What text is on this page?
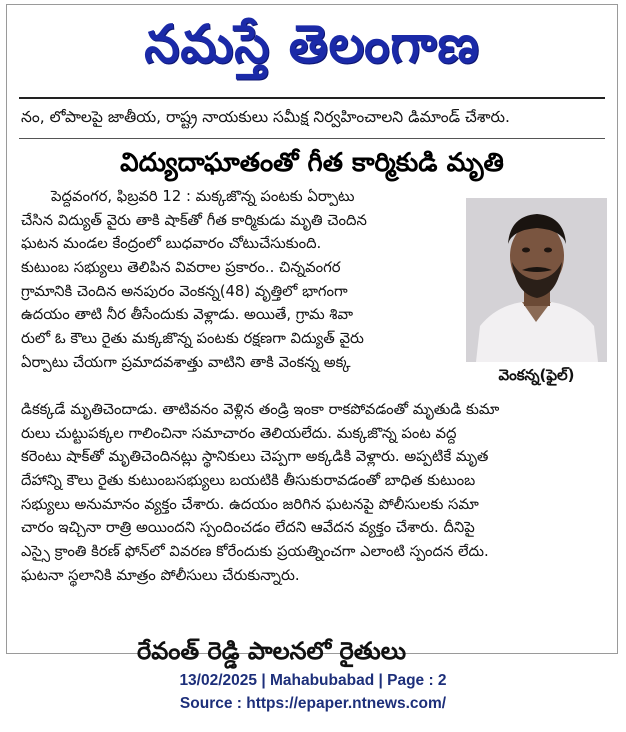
నమస్తే తెలంగాణ
నం, లోపాలపై జాతీయ, రాష్ట్ర నాయకులు సమీక్ష నిర్వహించాలని డిమాండ్ చేశారు.
విద్యుదాఘాతంతో గీత కార్మికుడి మృతి
పెద్దవంగర, ఫిబ్రవరి 12 : మక్కజొన్న పంటకు ఏర్పాటు
చేసిన విద్యుత్ వైరు తాకి షాక్‌తో గీత కార్మికుడు మృతి చెందిన
ఘటన మండల కేంద్రంలో బుధవారం చోటుచేసుకుంది.
కుటుంబ సభ్యులు తెలిపిన వివరాల ప్రకారం.. చిన్నవంగర
గ్రామానికి చెందిన అనపురం వెంకన్న(48) వృత్తిలో భాగంగా
ఉదయం తాటి నీర తీసేందుకు వెళ్లాడు. అయితే, గ్రామ శివా
రులో ఓ కౌలు రైతు మక్కజొన్న పంటకు రక్షణగా విద్యుత్ వైరు
ఏర్పాటు చేయగా ప్రమాదవశాత్తు వాటిని తాకి వెంకన్న అక్క
వెంకన్న(ఫైల్)
డికక్కడే మృతిచెందాడు. తాటివనం వెళ్లిన తండ్రి ఇంకా రాకపోవడంతో మృతుడి కుమా
రులు చుట్టుపక్కల గాలించినా సమాచారం తెలియలేదు. మక్కజొన్న పంట వద్ద
కరెంటు షాక్‌తో మృతిచెందినట్లు స్థానికులు చెప్పగా అక్కడికి వెళ్లారు. అప్పటికే మృత
దేహాన్ని కౌలు రైతు కుటుంబసభ్యులు బయటికి తీసుకురావడంతో బాధిత కుటుంబ
సభ్యులు అనుమానం వ్యక్తం చేశారు. ఉదయం జరిగిన ఘటనపై పోలీసులకు సమా
చారం ఇచ్చినా రాత్రి అయిందని స్పందించడం లేదని ఆవేదన వ్యక్తం చేశారు. దీనిపై
ఎస్సై క్రాంతి కిరణ్ ఫోన్‌లో వివరణ కోరేందుకు ప్రయత్నించగా ఎలాంటి స్పందన లేదు.
ఘటనా స్థలానికి మాత్రం పోలీసులు చేరుకున్నారు.
రేవంత్ రెడ్డి పాలనలో రైతులు
13/02/2025 | Mahabubabad | Page : 2
Source : https://epaper.ntnews.com/
